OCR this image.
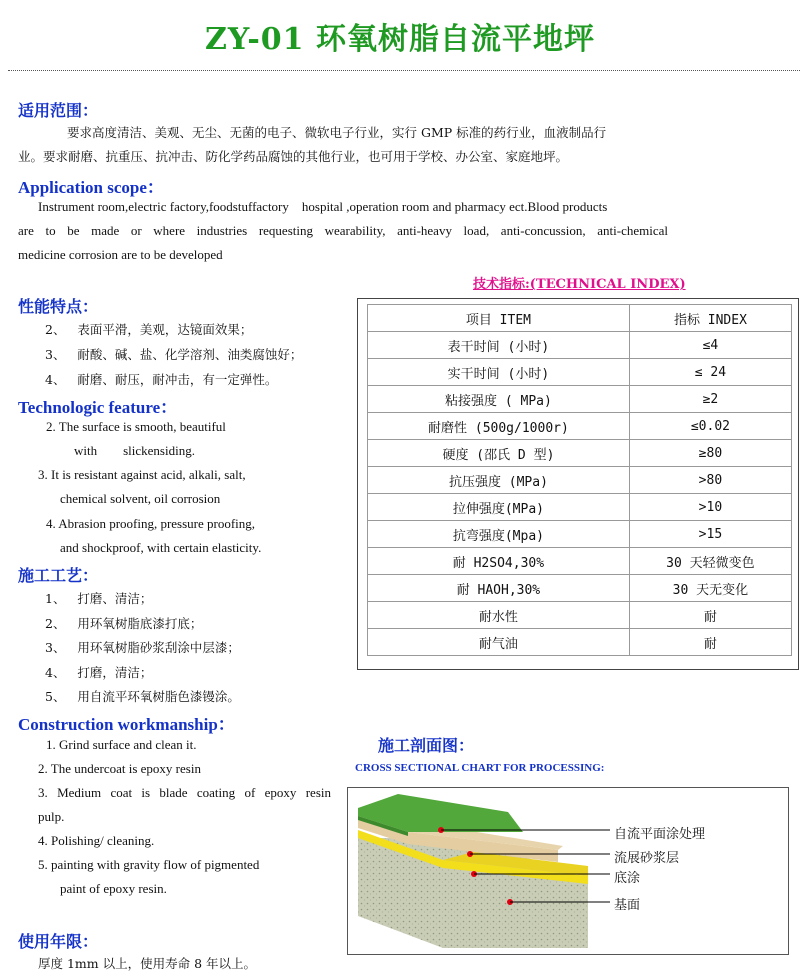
ZY-01 环氧树脂自流平地坪
适用范围：
要求高度清洁、美观、无尘、无菌的电子、微软电子行业，实行 GMP 标准的药行业，血液制品行
业。要求耐磨、抗重压、抗冲击、防化学药品腐蚀的其他行业，也可用于学校、办公室、家庭地坪。
Application scope：
Instrument room,electric factory,foodstuffactory    hospital ,operation room and pharmacy ect.Blood products
are to be made or where industries requesting wearability, anti-heavy load, anti-concussion, anti-chemical
medicine corrosion are to be developed
性能特点：
2、   表面平滑，美观，达镜面效果；
3、   耐酸、碱、盐、化学溶剂、油类腐蚀好；
4、   耐磨、耐压，耐冲击，有一定弹性。
Technologic feature：
2. The surface is smooth, beautiful
with        slickensiding.
3. It is resistant against acid, alkali, salt,
chemical solvent, oil corrosion
4. Abrasion proofing, pressure proofing,
and shockproof, with certain elasticity.
施工工艺：
1、   打磨、清洁；
2、   用环氧树脂底漆打底；
3、   用环氧树脂砂浆刮涂中层漆；
4、   打磨，清洁；
5、   用自流平环氧树脂色漆镘涂。
Construction workmanship：
1. Grind surface and clean it.
2. The undercoat is epoxy resin
3. Medium coat is blade coating of epoxy resin
pulp.
4. Polishing/ cleaning.
5. painting with gravity flow of pigmented
paint of epoxy resin.
使用年限：
厚度 1mm 以上，使用寿命 8 年以上。
技术指标:(TECHNICAL INDEX)
项目 ITEM	指标 INDEX
表干时间 (小时)	≤4
实干时间 (小时)	≤ 24
粘接强度 ( MPa)	≥2
耐磨性 (500g/1000r)	≤0.02
硬度 (邵氏 D 型)	≥80
抗压强度 (MPa)	>80
拉伸强度(MPa)	>10
抗弯强度(Mpa)	>15
耐 H2SO4,30%	30 天轻微变色
耐 HAOH,30%	30 天无变化
耐水性	耐
耐气油	耐
施工剖面图：
CROSS SECTIONAL CHART FOR PROCESSING:
自流平面涂处理
流展砂浆层
底涂
基面
